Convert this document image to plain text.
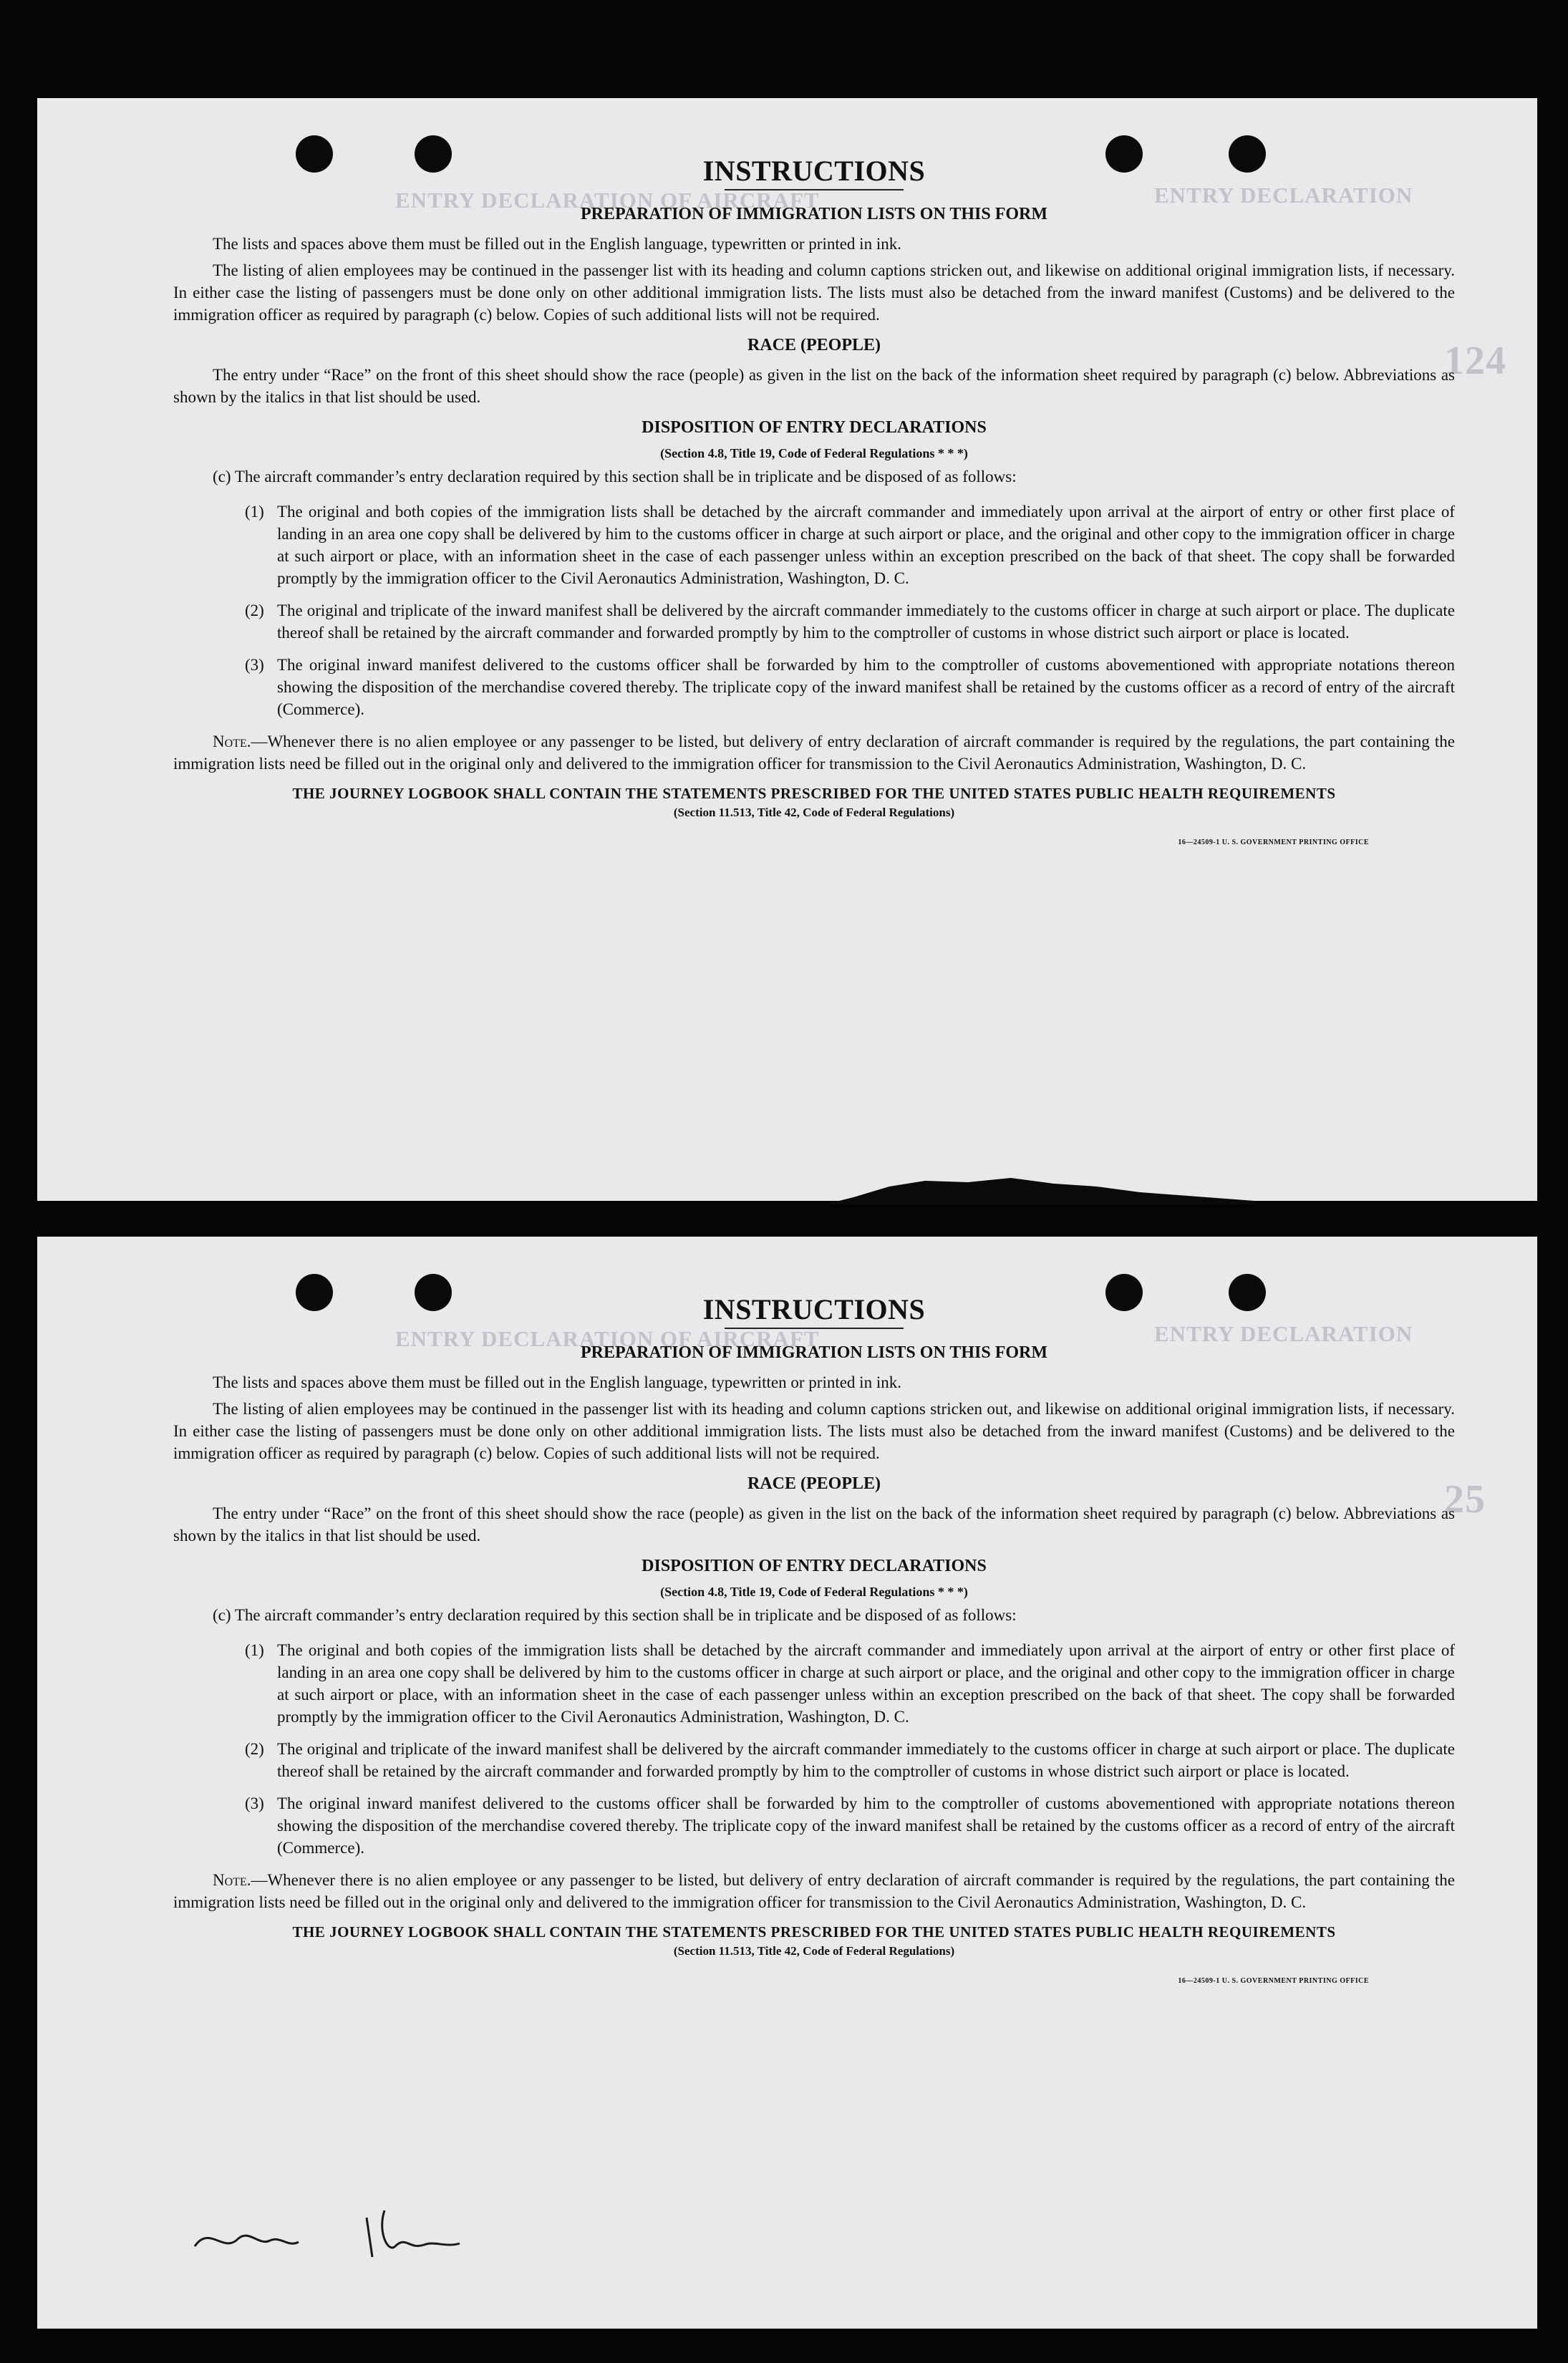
ENTRY DECLARATION OF AIRCRAFT	ENTRY DECLARATION
124
INSTRUCTIONS
PREPARATION OF IMMIGRATION LISTS ON THIS FORM

The lists and spaces above them must be filled out in the English language, typewritten or printed in ink.

The listing of alien employees may be continued in the passenger list with its heading and column captions stricken out, and likewise on additional original immigration lists, if necessary. In either case the listing of passengers must be done only on other additional immigration lists. The lists must also be detached from the inward manifest (Customs) and be delivered to the immigration officer as required by paragraph (c) below. Copies of such additional lists will not be required.

RACE (PEOPLE)

The entry under “Race” on the front of this sheet should show the race (people) as given in the list on the back of the information sheet required by paragraph (c) below. Abbreviations as shown by the italics in that list should be used.

DISPOSITION OF ENTRY DECLARATIONS
(Section 4.8, Title 19, Code of Federal Regulations * * *)

(c) The aircraft commander’s entry declaration required by this section shall be in triplicate and be disposed of as follows:

(1) The original and both copies of the immigration lists shall be detached by the aircraft commander and immediately upon arrival at the airport of entry or other first place of landing in an area one copy shall be delivered by him to the customs officer in charge at such airport or place, and the original and other copy to the immigration officer in charge at such airport or place, with an information sheet in the case of each passenger unless within an exception prescribed on the back of that sheet. The copy shall be forwarded promptly by the immigration officer to the Civil Aeronautics Administration, Washington, D. C.
(2) The original and triplicate of the inward manifest shall be delivered by the aircraft commander immediately to the customs officer in charge at such airport or place. The duplicate thereof shall be retained by the aircraft commander and forwarded promptly by him to the comptroller of customs in whose district such airport or place is located.
(3) The original inward manifest delivered to the customs officer shall be forwarded by him to the comptroller of customs abovementioned with appropriate notations thereon showing the disposition of the merchandise covered thereby. The triplicate copy of the inward manifest shall be retained by the customs officer as a record of entry of the aircraft (Commerce).

Note.—Whenever there is no alien employee or any passenger to be listed, but delivery of entry declaration of aircraft commander is required by the regulations, the part containing the immigration lists need be filled out in the original only and delivered to the immigration officer for transmission to the Civil Aeronautics Administration, Washington, D. C.

THE JOURNEY LOGBOOK SHALL CONTAIN THE STATEMENTS PRESCRIBED FOR THE UNITED STATES PUBLIC HEALTH REQUIREMENTS
(Section 11.513, Title 42, Code of Federal Regulations)
16—24509-1 U. S. GOVERNMENT PRINTING OFFICE
ENTRY DECLARATION OF AIRCRAFT	ENTRY DECLARATION
25
INSTRUCTIONS
PREPARATION OF IMMIGRATION LISTS ON THIS FORM

The lists and spaces above them must be filled out in the English language, typewritten or printed in ink.

The listing of alien employees may be continued in the passenger list with its heading and column captions stricken out, and likewise on additional original immigration lists, if necessary. In either case the listing of passengers must be done only on other additional immigration lists. The lists must also be detached from the inward manifest (Customs) and be delivered to the immigration officer as required by paragraph (c) below. Copies of such additional lists will not be required.

RACE (PEOPLE)

The entry under “Race” on the front of this sheet should show the race (people) as given in the list on the back of the information sheet required by paragraph (c) below. Abbreviations as shown by the italics in that list should be used.

DISPOSITION OF ENTRY DECLARATIONS
(Section 4.8, Title 19, Code of Federal Regulations * * *)

(c) The aircraft commander’s entry declaration required by this section shall be in triplicate and be disposed of as follows:

(1) The original and both copies of the immigration lists shall be detached by the aircraft commander and immediately upon arrival at the airport of entry or other first place of landing in an area one copy shall be delivered by him to the customs officer in charge at such airport or place, and the original and other copy to the immigration officer in charge at such airport or place, with an information sheet in the case of each passenger unless within an exception prescribed on the back of that sheet. The copy shall be forwarded promptly by the immigration officer to the Civil Aeronautics Administration, Washington, D. C.
(2) The original and triplicate of the inward manifest shall be delivered by the aircraft commander immediately to the customs officer in charge at such airport or place. The duplicate thereof shall be retained by the aircraft commander and forwarded promptly by him to the comptroller of customs in whose district such airport or place is located.
(3) The original inward manifest delivered to the customs officer shall be forwarded by him to the comptroller of customs abovementioned with appropriate notations thereon showing the disposition of the merchandise covered thereby. The triplicate copy of the inward manifest shall be retained by the customs officer as a record of entry of the aircraft (Commerce).

Note.—Whenever there is no alien employee or any passenger to be listed, but delivery of entry declaration of aircraft commander is required by the regulations, the part containing the immigration lists need be filled out in the original only and delivered to the immigration officer for transmission to the Civil Aeronautics Administration, Washington, D. C.

THE JOURNEY LOGBOOK SHALL CONTAIN THE STATEMENTS PRESCRIBED FOR THE UNITED STATES PUBLIC HEALTH REQUIREMENTS
(Section 11.513, Title 42, Code of Federal Regulations)
16—24509-1 U. S. GOVERNMENT PRINTING OFFICE
